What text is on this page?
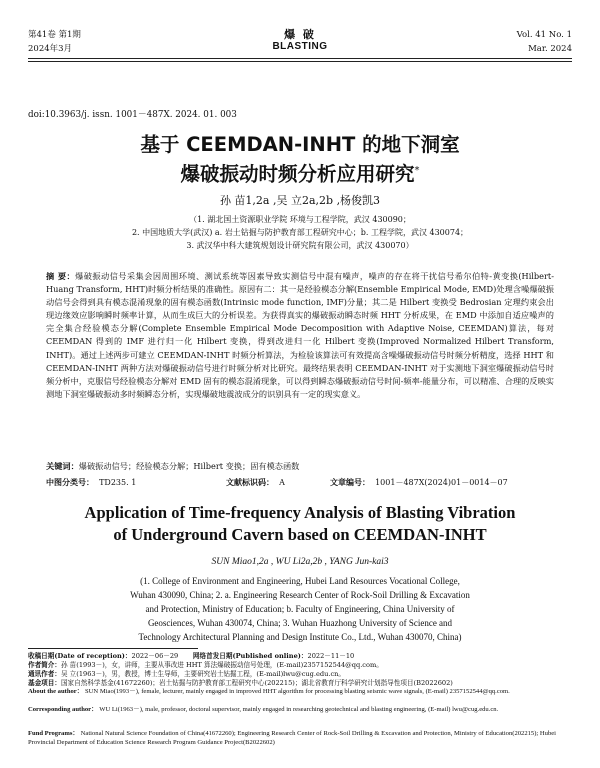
第41卷 第1期
2024年3月
爆 破
BLASTING
Vol. 41 No. 1
Mar. 2024
doi:10.3963/j. issn. 1001－487X. 2024. 01. 003
基于 CEEMDAN-INHT 的地下洞室
爆破振动时频分析应用研究*
孙 苗1,2a ,吴 立2a,2b ,杨俊凯3
（1. 湖北国土资源职业学院 环境与工程学院，武汉 430090；
2. 中国地质大学(武汉) a. 岩土钻掘与防护教育部工程研究中心；b. 工程学院，武汉 430074；
3. 武汉华中科大建筑规划设计研究院有限公司，武汉 430070）
摘 要：爆破振动信号采集会因周围环境、测试系统等因素导致实测信号中混有噪声，噪声的存在将干扰信号希尔伯特-黄变换(Hilbert-Huang Transform, HHT)时频分析结果的准确性。原因有二：其一是经验模态分解(Ensemble Empirical Mode, EMD)处理含噪爆破振动信号会得到具有模态混淆现象的固有模态函数(Intrinsic mode function, IMF)分量；其二是 Hilbert 变换受 Bedrosian 定理约束会出现边缘效应影响瞬时频率计算，从而生成巨大的分析误差。为获得真实的爆破振动瞬态时频 HHT 分析成果，在 EMD 中添加自适应噪声的完全集合经验模态分解(Complete Ensemble Empirical Mode Decomposition with Adaptive Noise, CEEMDAN)算法，每对 CEEMDAN 得到的 IMF 进行归一化 Hilbert 变换，得到改进归一化 Hilbert 变换(Improved Normalized Hilbert Transform, INHT)。通过上述两步可建立 CEEMDAN-INHT 时频分析算法，为检验该算法可有效提高含噪爆破振动信号时频分析精度，选择 HHT 和 CEEMDAN-INHT 两种方法对爆破振动信号进行时频分析对比研究。最终结果表明 CEEMDAN-INHT 对于实测地下洞室爆破振动信号时频分析中，克服信号经验模态分解对 EMD 固有的模态混淆现象，可以得到瞬态爆破振动信号时间-频率-能量分布，可以精准、合理的反映实测地下洞室爆破振动多时频瞬态分析，实现爆破地震波成分的识别具有一定的现实意义。
关键词：爆破振动信号；经验模态分解；Hilbert 变换；固有模态函数
中图分类号： TD235. 1	文献标识码： A	文章编号： 1001－487X(2024)01－0014－07
Application of Time-frequency Analysis of Blasting Vibration
of Underground Cavern based on CEEMDAN-INHT
SUN Miao1,2a , WU Li2a,2b , YANG Jun-kai3
(1. College of Environment and Engineering, Hubei Land Resources Vocational College,
Wuhan 430090, China; 2. a. Engineering Research Center of Rock-Soil Drilling & Excavation
and Protection, Ministry of Education; b. Faculty of Engineering, China University of
Geosciences, Wuhan 430074, China; 3. Wuhan Huazhong University of Science and
Technology Architectural Planning and Design Institute Co., Ltd., Wuhan 430070, China)
收稿日期(Date of reception)：2022－06－29 网络首发日期(Published online)：2022－11－10
作者简介：孙 苗(1993－)，女，讲师，主要从事改进 HHT 算法爆破振动信号处理，(E-mail)2357152544@qq.com。
通讯作者：吴 立(1963－)，男，教授，博士生导师，主要研究岩土钻掘工程，(E-mail)lwu@cug.edu.cn。
基金项目：国家自然科学基金(41672260)；岩土钻掘与防护教育部工程研究中心(202215)；湖北省教育厅科学研究计划指导性项目(B2022602)
About the author： SUN Miao(1993－), female, lecturer, mainly engaged in improved HHT algorithm for processing blasting seismic wave signals, (E-mail) 2357152544@qq.com.
Corresponding author： WU Li(1963－), male, professor, doctoral supervisor, mainly engaged in researching geotechnical and blasting engineering, (E-mail) lwu@cug.edu.cn.
Fund Programs： National Natural Science Foundation of China(41672260); Engineering Research Center of Rock-Soil Drilling & Excavation and Protection, Ministry of Education(202215); Hubei Provincial Department of Education Science Research Program Guidance Project(B2022602)
